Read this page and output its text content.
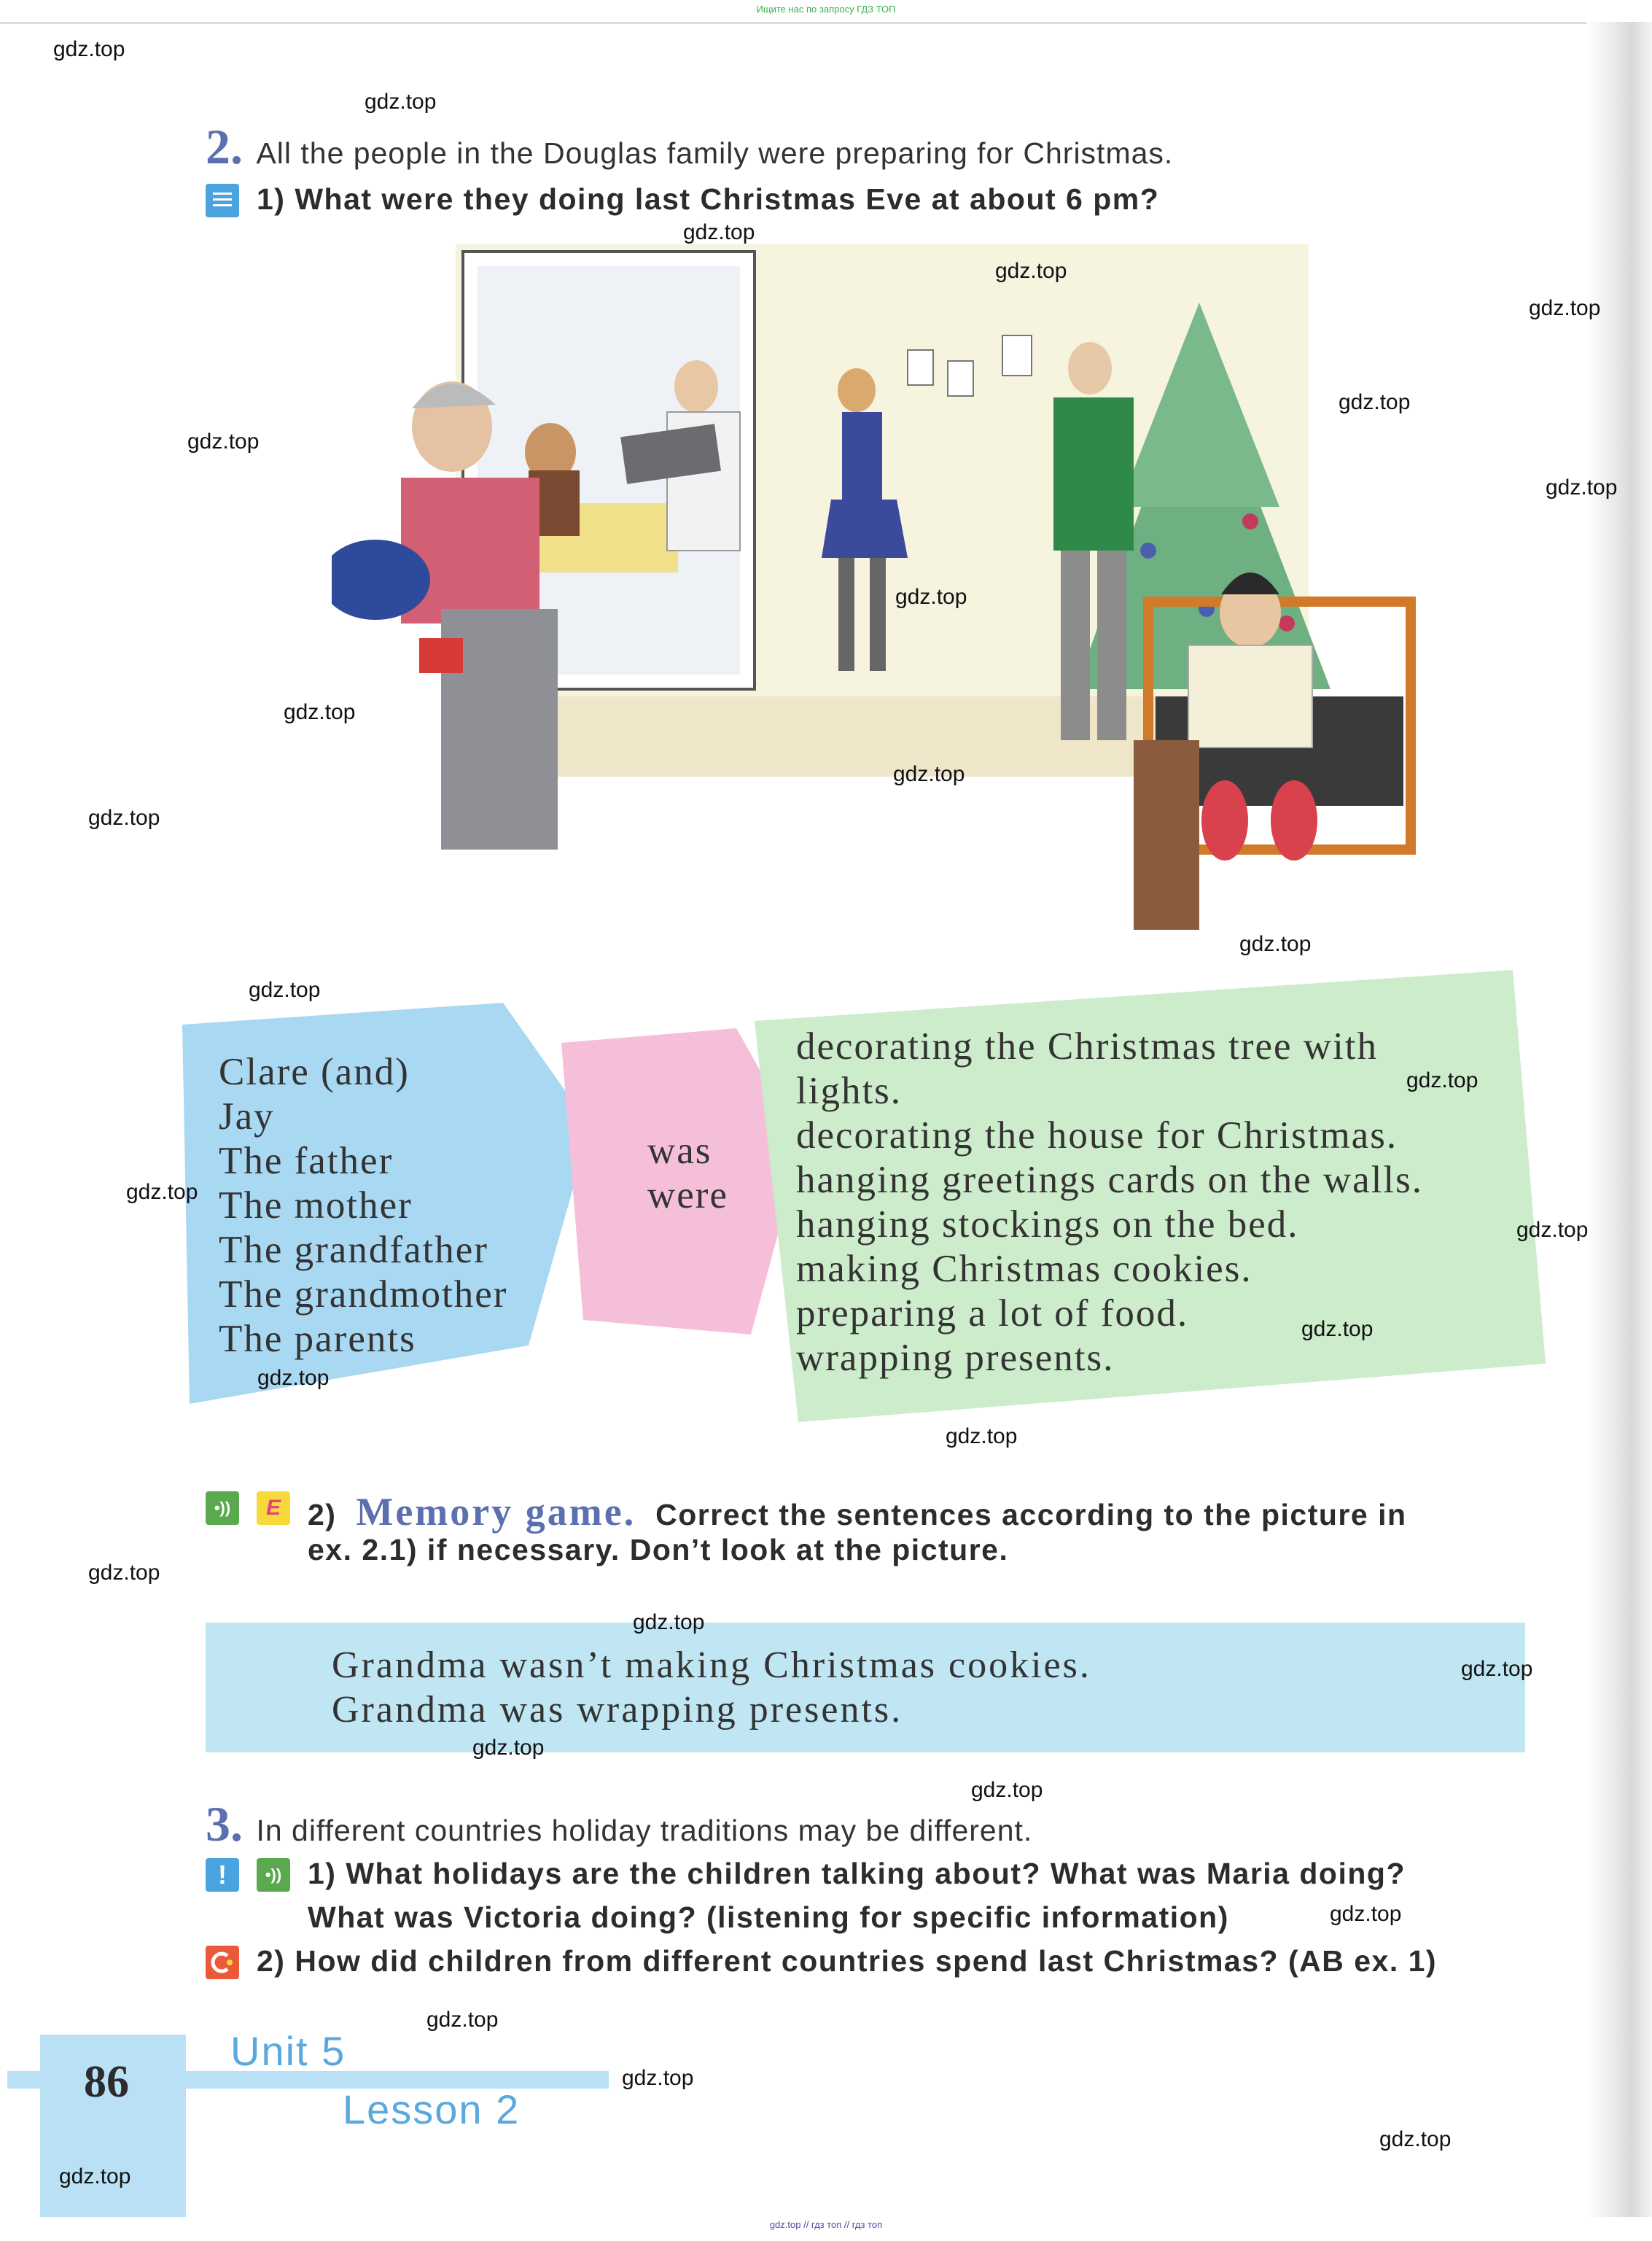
Ищите нас по запросу ГДЗ ТОП
2. All the people in the Douglas family were preparing for Christmas.
1) What were they doing last Christmas Eve at about 6 pm?
Clare (and)
Jay
The father
The mother
The grandfather
The grandmother
The parents
was
were
decorating the Christmas tree with
lights.
decorating the house for Christmas.
hanging greetings cards on the walls.
hanging stockings on the bed.
making Christmas cookies.
preparing a lot of food.
wrapping presents.
•))	E 2) Memory game. Correct the sentences according to the picture in
ex. 2.1) if necessary. Don’t look at the picture.
Grandma wasn’t making Christmas cookies.
Grandma was wrapping presents.
3. In different countries holiday traditions may be different.
!	•)) 1) What holidays are the children talking about? What was Maria doing?
What was Victoria doing? (listening for specific information)
2) How did children from different countries spend last Christmas? (AB ex. 1)
86
Unit 5
Lesson 2
gdz.top // гдз топ // гдз топ
gdz.top
gdz.top
gdz.top
gdz.top
gdz.top
gdz.top
gdz.top
gdz.top
gdz.top
gdz.top
gdz.top
gdz.top
gdz.top
gdz.top
gdz.top
gdz.top
gdz.top
gdz.top
gdz.top
gdz.top
gdz.top
gdz.top
gdz.top
gdz.top
gdz.top
gdz.top
gdz.top
gdz.top
gdz.top
gdz.top
